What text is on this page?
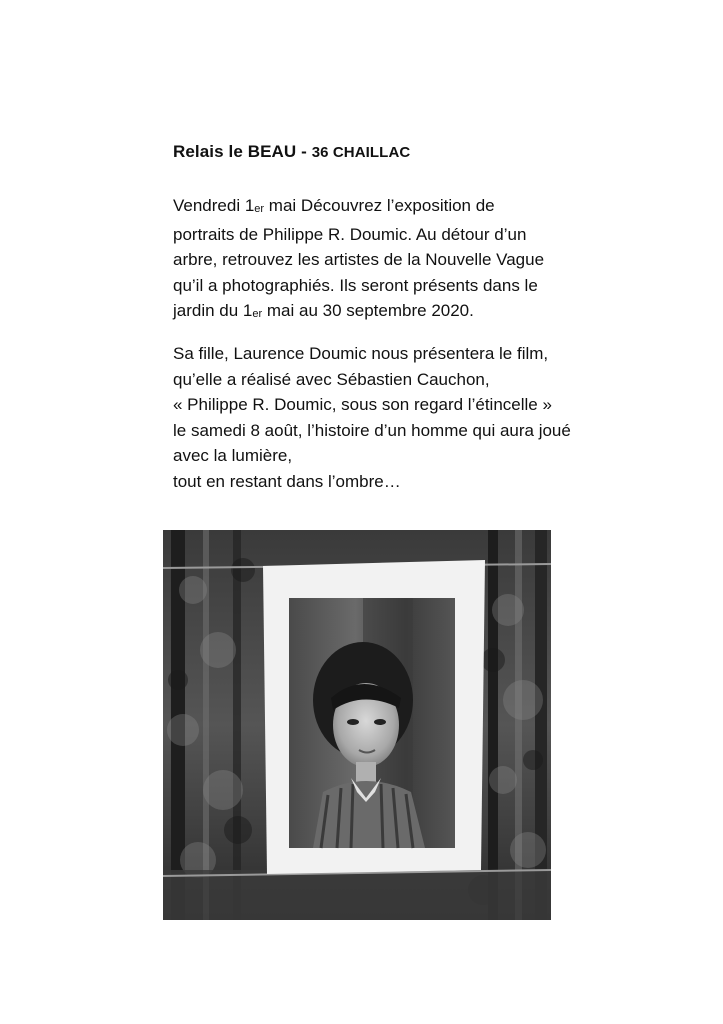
Relais le BEAU - 36 CHAILLAC
Vendredi 1er mai Découvrez l’exposition de
portraits de Philippe R. Doumic. Au détour d’un
arbre, retrouvez les artistes de la Nouvelle Vague
qu’il a photographiés. Ils seront présents dans le
jardin du 1er mai au 30 septembre 2020.
Sa fille, Laurence Doumic nous présentera le film,
qu’elle a réalisé avec Sébastien Cauchon,
« Philippe R. Doumic, sous son regard l’étincelle »
le samedi 8 août, l’histoire d’un homme qui aura joué
avec la lumière,
tout en restant dans l’ombre…
